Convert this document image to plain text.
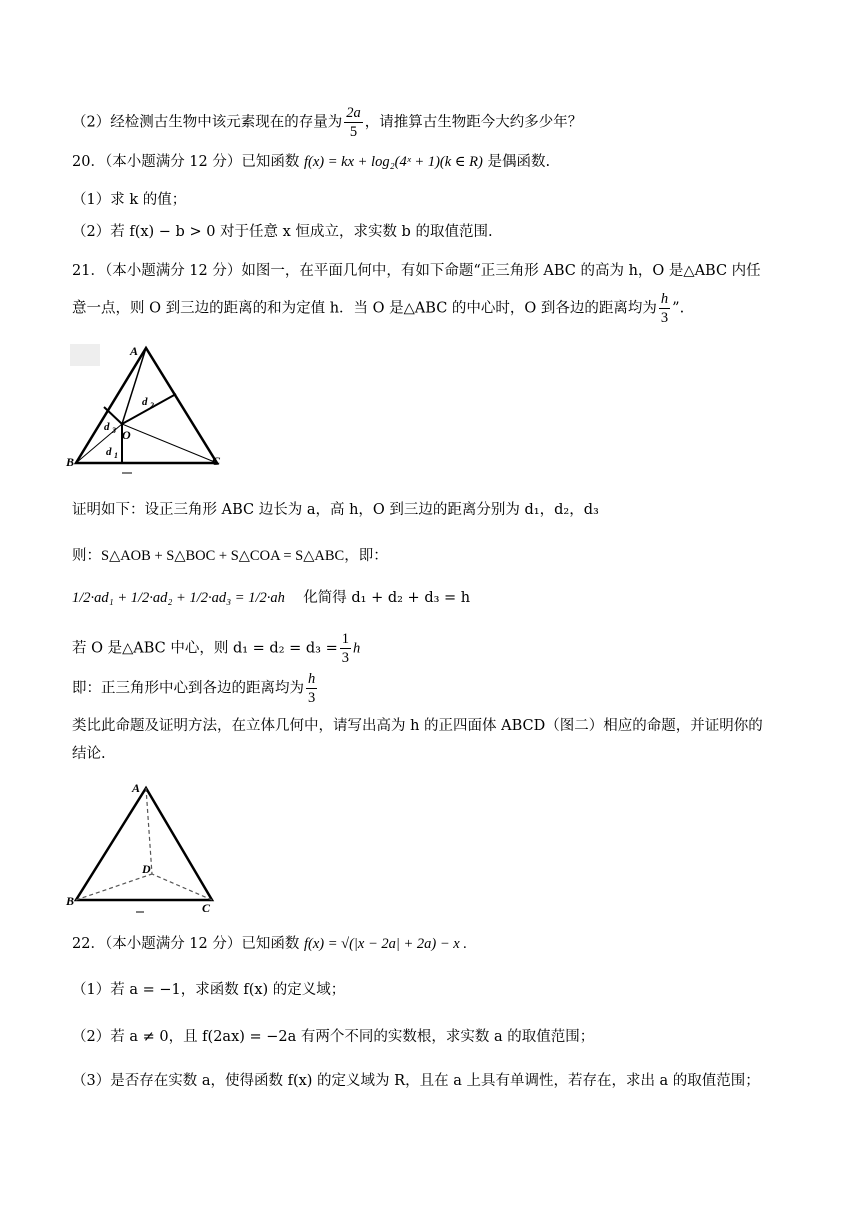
（2）经检测古生物中该元素现在的存量为 $\frac{2a}{5}$ ，请推算古生物距今大约多少年？
20．（本小题满分 12 分）已知函数 f(x) = kx + log₂(4ˣ + 1)(k ∈ R) 是偶函数.
（1）求 k 的值；
（2）若 f(x) − b > 0 对于任意 x 恒成立，求实数 b 的取值范围.
21．（本小题满分 12 分）如图一，在平面几何中，有如下命题“正三角形 ABC 的高为 h，O 是△ABC 内任
意一点，则 O 到三边的距离的和为定值 h．当 O 是△ABC 的中心时，O 到各边的距离均为 $\frac{h}{3}$ ”.
A
B	C
O
d 2
d 3
d 1
证明如下：设正三角形 ABC 边长为 a，高 h，O 到三边的距离分别为 d₁，d₂，d₃
则：S△AOB + S△BOC + S△COA = S△ABC，即：
1/2·ad₁ + 1/2·ad₂ + 1/2·ad₃ = 1/2·ah 化简得 d₁ + d₂ + d₃ = h
若 O 是△ABC 中心，则 $d_1 = d_2 = d_3 = \frac{1}{3}$ h
即：正三角形中心到各边的距离均为 $\frac{h}{3}$
类比此命题及证明方法，在立体几何中，请写出高为 h 的正四面体 ABCD（图二）相应的命题，并证明你的
结论.
A
B	C
D
22．（本小题满分 12 分）已知函数 f(x) = √(|x − 2a| + 2a) − x .
（1）若 a = −1，求函数 f(x) 的定义域；
（2）若 a ≠ 0，且 f(2ax) = −2a 有两个不同的实数根，求实数 a 的取值范围；
（3）是否存在实数 a，使得函数 f(x) 的定义域为 R，且在 a 上具有单调性，若存在，求出 a 的取值范围；
